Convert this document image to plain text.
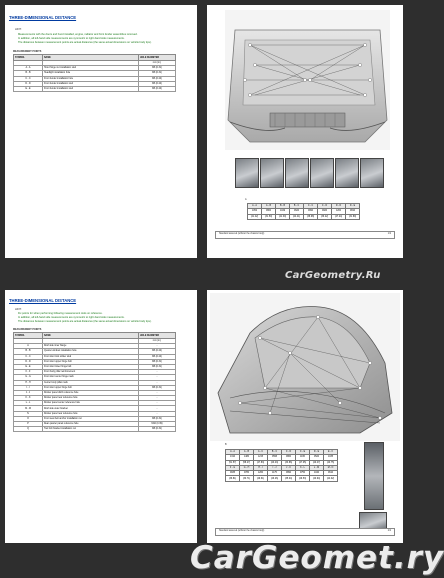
THREE-DIMENSIONAL DISTANCE
HINT:
Measurements with the doors and hood installed, engine, radiator and front fender assemblies removed.
In addition, all left-hand side measurements are symmetric to right-hand side measurements.
The distances between measurement points are actual distances (the same actual dimensions on vehicle body tips).
MEASUREMENT POINTS
SYMBOL	NAME	HOLE DIAMETER
		mm (in.)
A - A	Hood hinge nut installation stud	M8 (0.31)
B - B	Headlight installation hole	M8 (0.31)
C - C	Front fender installation hole	M6 (0.24)
D - D	Front fender installation stud	M6 (0.24)
E - E	Front fender installation stud	M6 (0.24)
A
A - A	A - B	B - B	B - C	C - C	C - D	D - D	D - E
1052	0800	1049	0620	0990	0920	1200	0810
(41.42)	(31.50)	(41.30)	(24.41)	(38.98)	(36.22)	(47.24)	(31.89)
Standard assured (without the chassis body)	1/2
CarGeometry.Ru
THREE-DIMENSIONAL DISTANCE
HINT:
Fix points for when performing following measurement tools on reference.
In addition, all left-hand side measurements are symmetric to right-hand side measurements.
The distances between measurement points are actual distances (the same actual dimensions on vehicle body tips).
MEASUREMENT POINTS
SYMBOL	NAME	HOLE DIAMETER
		mm (in.)
A	Roof side inner flange	-
B - B	Quarter window installation hole	M6 (0.24)
C - C	Front door lock striker stud	M6 (0.24)
D - D	Front door upper hinge bolt	M8 (0.31)
E - E	Front door lower hinge bolt	M8 (0.31)
F - F	Front body pillar reinforcement	-
G - G	Front door center hinge mark	-
H - H	Center body pillar mark	-
I - I	Front door upper hinge bolt	M8 (0.31)
J - J	Rocker panel ditch reference hole	-
K - K	Rocker panel rear reference hole	-
L - L	Rocker panel center reference hole	-
M - M	Roof side outer bracket	-
N	Rocker panel rear reference hole	-
O	Front seat belt anchor installation nut	M8 (0.31)
P	Rear quarter panel reference hole	M10 (0.39)
Q	Tow bolt bracket installation nut	M8 (0.31)
B
A - A	A - B	A - C	B - C	C - D	C - E	D - E	E - F
1310	1480	1215	0595	0860	1195	0520	1035
(51.57)	(58.27)	(47.83)	(23.43)	(33.86)	(47.05)	(20.47)	(40.75)
F - G	G - H	H - I	I - J	J - K	K - L	L - M	M - N
0935	0780	1260	1175	0890	0750	1040	0610
(36.81)	(30.71)	(49.61)	(46.26)	(35.04)	(29.53)	(40.94)	(24.02)
Standard assured (without the chassis body)	2/2
CarGeomet.ry
